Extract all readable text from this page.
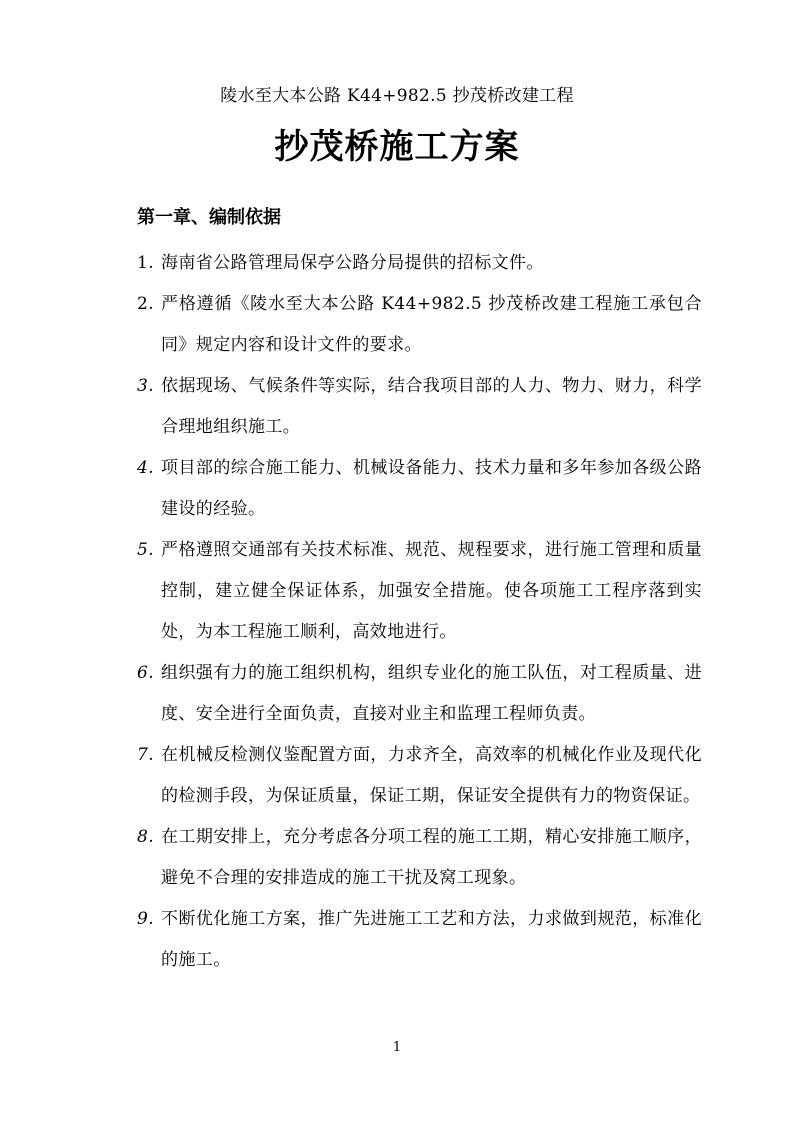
陵水至大本公路 K44+982.5 抄茂桥改建工程
抄茂桥施工方案
第一章、编制依据
1. 海南省公路管理局保亭公路分局提供的招标文件。
2. 严格遵循《陵水至大本公路 K44+982.5 抄茂桥改建工程施工承包合同》规定内容和设计文件的要求。
3. 依据现场、气候条件等实际，结合我项目部的人力、物力、财力，科学合理地组织施工。
4. 项目部的综合施工能力、机械设备能力、技术力量和多年参加各级公路建设的经验。
5. 严格遵照交通部有关技术标准、规范、规程要求，进行施工管理和质量控制，建立健全保证体系，加强安全措施。使各项施工工程序落到实处，为本工程施工顺利，高效地进行。
6. 组织强有力的施工组织机构，组织专业化的施工队伍，对工程质量、进度、安全进行全面负责，直接对业主和监理工程师负责。
7. 在机械反检测仪鉴配置方面，力求齐全，高效率的机械化作业及现代化的检测手段，为保证质量，保证工期，保证安全提供有力的物资保证。
8. 在工期安排上，充分考虑各分项工程的施工工期，精心安排施工顺序，避免不合理的安排造成的施工干扰及窝工现象。
9. 不断优化施工方案，推广先进施工工艺和方法，力求做到规范，标准化的施工。
1
